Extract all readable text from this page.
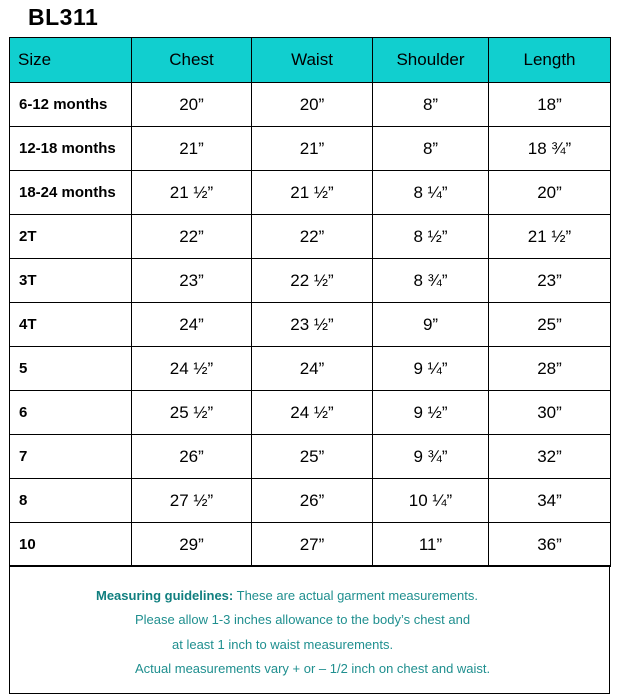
BL311
Size	Chest	Waist	Shoulder	Length
6-12 months	20”	20”	8”	18”
12-18 months	21”	21”	8”	18 ¾”
18-24 months	21 ½”	21 ½”	8 ¼”	20”
2T	22”	22”	8 ½”	21 ½”
3T	23”	22 ½”	8 ¾”	23”
4T	24”	23 ½”	9”	25”
5	24 ½”	24”	9 ¼”	28”
6	25 ½”	24 ½”	9 ½”	30”
7	26”	25”	9 ¾”	32”
8	27 ½”	26”	10 ¼”	34”
10	29”	27”	11”	36”
Measuring guidelines: These are actual garment measurements.
Please allow 1-3 inches allowance to the body’s chest and
at least 1 inch to waist measurements.
Actual measurements vary + or – 1/2 inch on chest and waist.
